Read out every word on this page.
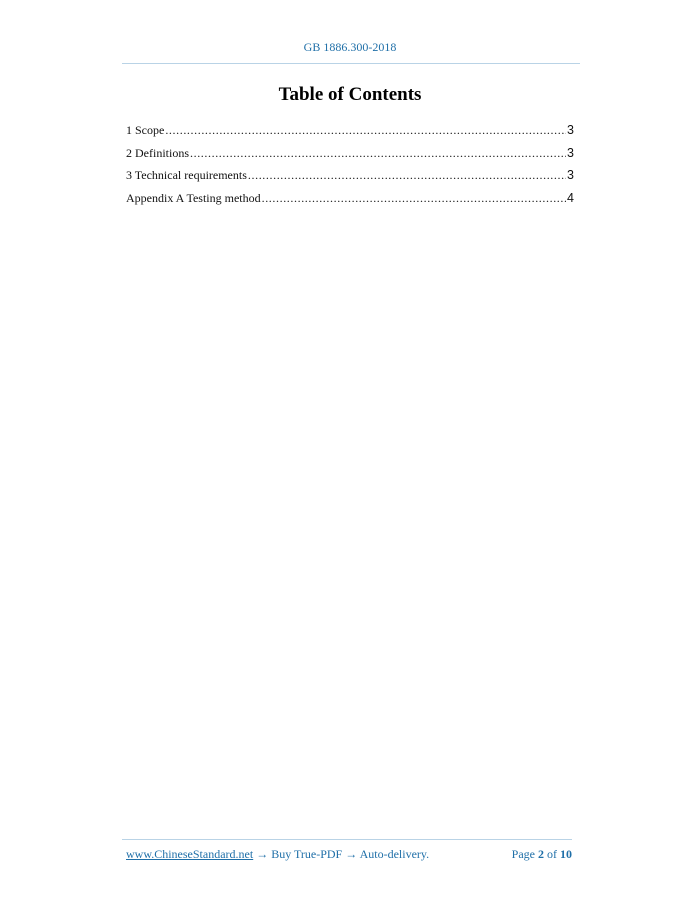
GB 1886.300-2018
Table of Contents
1 Scope .....	3
2 Definitions .....	3
3 Technical requirements .....	3
Appendix A Testing method .....	4
www.ChineseStandard.net → Buy True-PDF → Auto-delivery.	Page 2 of 10
